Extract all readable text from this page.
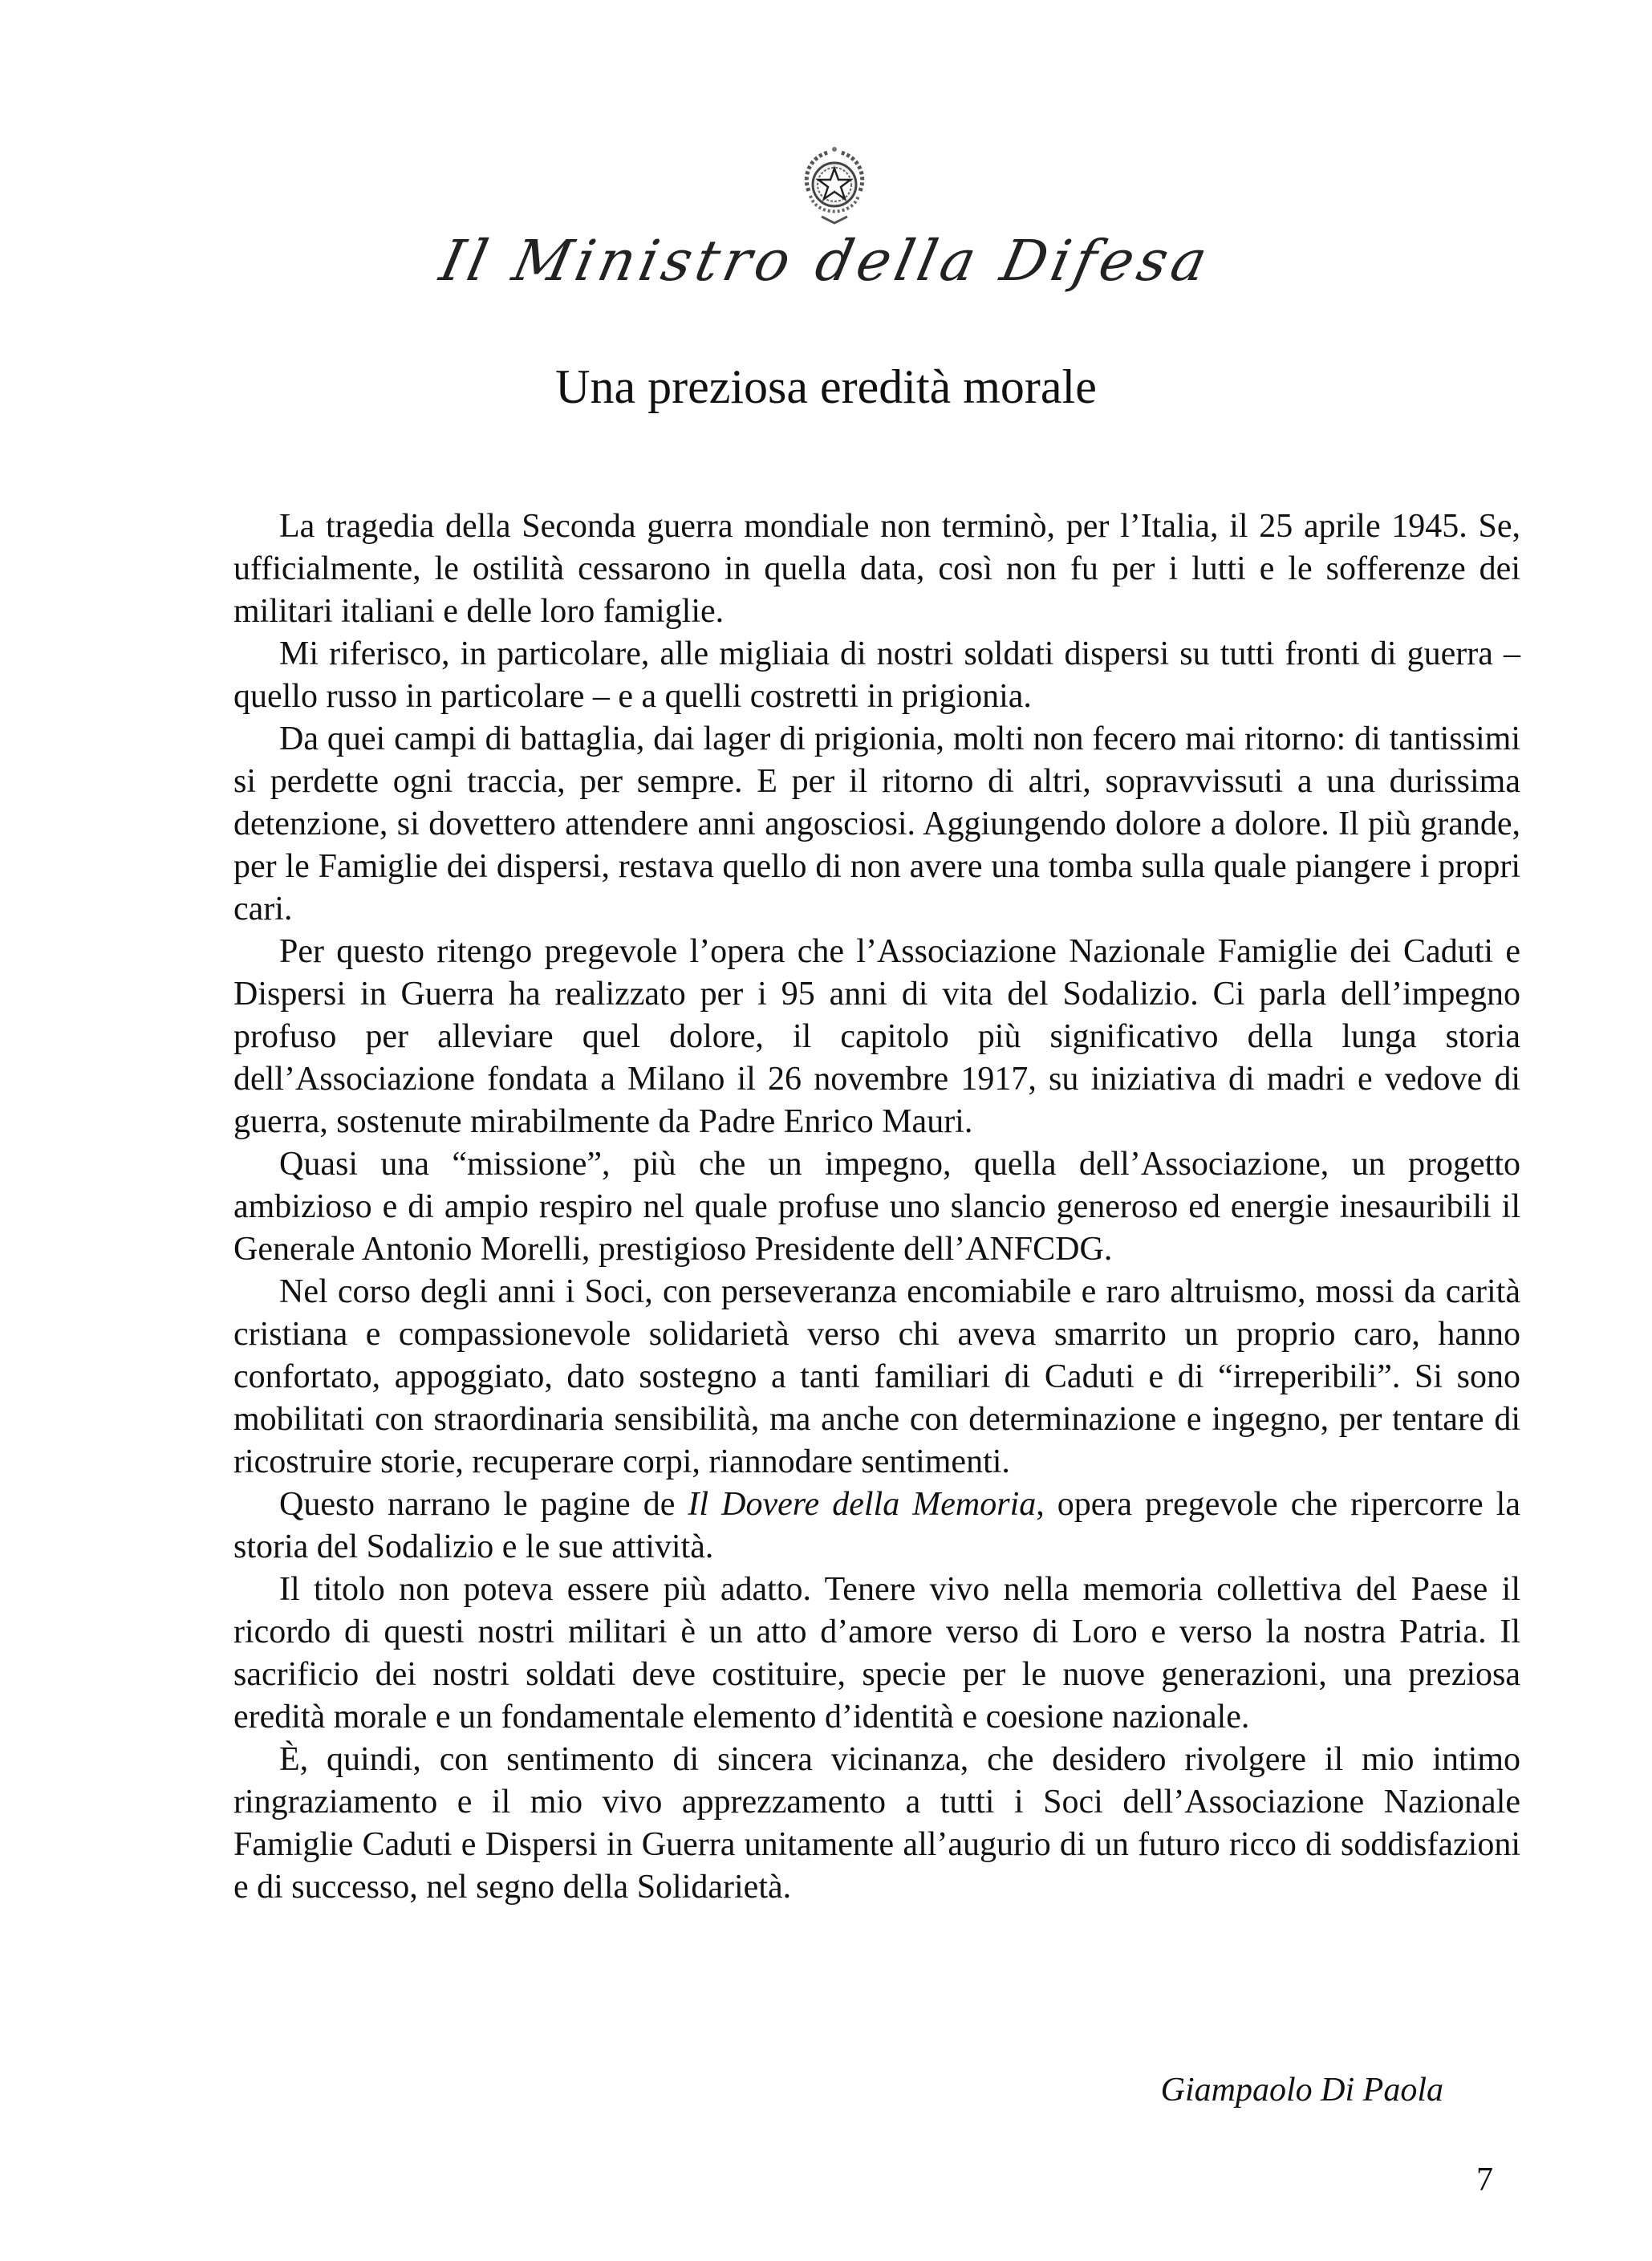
Il Ministro della Difesa
Una preziosa eredità morale

La tragedia della Seconda guerra mondiale non terminò, per l’Italia, il 25 aprile 1945. Se, ufficialmente, le ostilità cessarono in quella data, così non fu per i lutti e le sofferenze dei militari italiani e delle loro famiglie.

Mi riferisco, in particolare, alle migliaia di nostri soldati dispersi su tutti fronti di guerra – quello russo in particolare – e a quelli costretti in prigionia.

Da quei campi di battaglia, dai lager di prigionia, molti non fecero mai ritorno: di tantissimi si perdette ogni traccia, per sempre. E per il ritorno di altri, sopravvissuti a una durissima detenzione, si dovettero attendere anni angosciosi. Aggiungendo dolore a dolore. Il più grande, per le Famiglie dei dispersi, restava quello di non avere una tomba sulla quale piangere i propri cari.

Per questo ritengo pregevole l’opera che l’Associazione Nazionale Famiglie dei Caduti e Dispersi in Guerra ha realizzato per i 95 anni di vita del Sodalizio. Ci parla dell’impegno profuso per alleviare quel dolore, il capitolo più significativo della lunga storia dell’Associazione fondata a Milano il 26 novembre 1917, su iniziativa di madri e vedove di guerra, sostenute mirabilmente da Padre Enrico Mauri.

Quasi una “missione”, più che un impegno, quella dell’Associazione, un progetto ambizioso e di ampio respiro nel quale profuse uno slancio generoso ed energie inesauribili il Generale Antonio Morelli, prestigioso Presidente dell’ANFCDG.

Nel corso degli anni i Soci, con perseveranza encomiabile e raro altruismo, mossi da carità cristiana e compassionevole solidarietà verso chi aveva smarrito un proprio caro, hanno confortato, appoggiato, dato sostegno a tanti familiari di Caduti e di “irreperibili”. Si sono mobilitati con straordinaria sensibilità, ma anche con determinazione e ingegno, per tentare di ricostruire storie, recuperare corpi, riannodare sentimenti.

Questo narrano le pagine de Il Dovere della Memoria, opera pregevole che ripercorre la storia del Sodalizio e le sue attività.

Il titolo non poteva essere più adatto. Tenere vivo nella memoria collettiva del Paese il ricordo di questi nostri militari è un atto d’amore verso di Loro e verso la nostra Patria. Il sacrificio dei nostri soldati deve costituire, specie per le nuove generazioni, una preziosa eredità morale e un fondamentale elemento d’identità e coesione nazionale.

È, quindi, con sentimento di sincera vicinanza, che desidero rivolgere il mio intimo ringraziamento e il mio vivo apprezzamento a tutti i Soci dell’Associazione Nazionale Famiglie Caduti e Dispersi in Guerra unitamente all’augurio di un futuro ricco di soddisfazioni e di successo, nel segno della Solidarietà.

Giampaolo Di Paola
7
